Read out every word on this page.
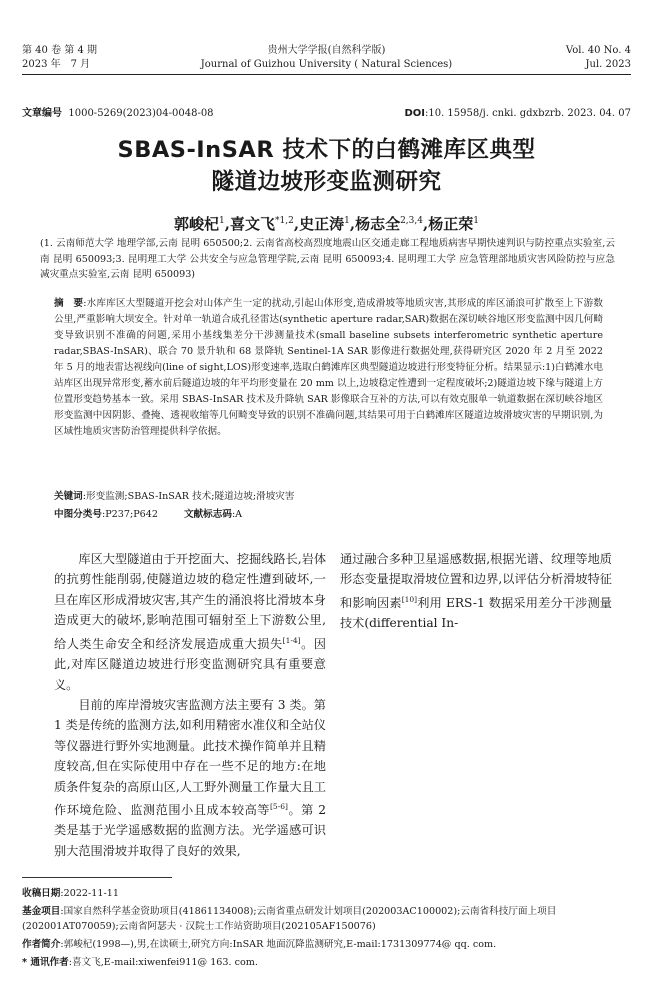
第 40 卷 第 4 期
2023 年　7 月
贵州大学学报(自然科学版)
Journal of Guizhou University ( Natural Sciences)
Vol. 40 No. 4
Jul. 2023
文章编号 1000-5269(2023)04-0048-08	DOI:10. 15958/j. cnki. gdxbzrb. 2023. 04. 07
SBAS-InSAR 技术下的白鹤滩库区典型
隧道边坡形变监测研究
郭峻杞$^1$,喜文飞$^{*1,2}$,史正涛$^1$,杨志全$^{2,3,4}$,杨正荣$^1$
(1. 云南师范大学 地理学部,云南 昆明 650500;2. 云南省高校高烈度地震山区交通走廊工程地质病害早期快速判识与防控重点实验室,云南 昆明 650093;3. 昆明理工大学 公共安全与应急管理学院,云南 昆明 650093;4. 昆明理工大学 应急管理部地质灾害风险防控与应急减灾重点实验室,云南 昆明 650093)
摘　要:水库库区大型隧道开挖会对山体产生一定的扰动,引起山体形变,造成滑坡等地质灾害,其形成的库区涌浪可扩散至上下游数公里,严重影响大坝安全。针对单一轨道合成孔径雷达(synthetic aperture radar,SAR)数据在深切峡谷地区形变监测中因几何畸变导致识别不准确的问题,采用小基线集差分干涉测量技术(small baseline subsets interferometric synthetic aperture radar,SBAS-InSAR)、联合 70 景升轨和 68 景降轨 Sentinel-1A SAR 影像进行数据处理,获得研究区 2020 年 2 月至 2022 年 5 月的地表雷达视线向(line of sight,LOS)形变速率,选取白鹤滩库区典型隧道边坡进行形变特征分析。结果显示:1)白鹤滩水电站库区出现异常形变,蓄水前后隧道边坡的年平均形变量在 20 mm 以上,边坡稳定性遭到一定程度破坏;2)隧道边坡下缘与隧道上方位置形变趋势基本一致。采用 SBAS-InSAR 技术及升降轨 SAR 影像联合互补的方法,可以有效克服单一轨道数据在深切峡谷地区形变监测中因阴影、叠掩、透视收缩等几何畸变导致的识别不准确问题,其结果可用于白鹤滩库区隧道边坡滑坡灾害的早期识别,为区域性地质灾害防治管理提供科学依据。
关键词:形变监测;SBAS-InSAR 技术;隧道边坡;滑坡灾害
中图分类号:P237;P642	文献标志码:A

库区大型隧道由于开挖面大、挖掘线路长,岩体的抗剪性能削弱,使隧道边坡的稳定性遭到破坏,一旦在库区形成滑坡灾害,其产生的涌浪将比滑坡本身造成更大的破坏,影响范围可辐射至上下游数公里,给人类生命安全和经济发展造成重大损失[1-4]。因此,对库区隧道边坡进行形变监测研究具有重要意义。

目前的库岸滑坡灾害监测方法主要有 3 类。第 1 类是传统的监测方法,如利用精密水准仪和全站仪等仪器进行野外实地测量。此技术操作简单并且精度较高,但在实际使用中存在一些不足的地方:在地质条件复杂的高原山区,人工野外测量工作量大且工作环境危险、监测范围小且成本较高等[5-6]。第 2 类是基于光学遥感数据的监测方法。光学遥感可识别大范围滑坡并取得了良好的效果,

通过融合多种卫星遥感数据,根据光谱、纹理等地质形态变量提取滑坡位置和边界,以评估分析滑坡特征和影响因素[10]利用 ERS-1 数据采用差分干涉测量技术(differential In-

收稿日期:2022-11-11
基金项目:国家自然科学基金资助项目(41861134008);云南省重点研发计划项目(202003AC100002);云南省科技厅面上项目(202001AT070059);云南省阿瑟夫 · 汉院士工作站资助项目(202105AF150076)
作者简介:郭峻杞(1998—),男,在读硕士,研究方向:InSAR 地面沉降监测研究,E-mail:1731309774@ qq. com.
* 通讯作者:喜文飞,E-mail:xiwenfei911@ 163. com.
